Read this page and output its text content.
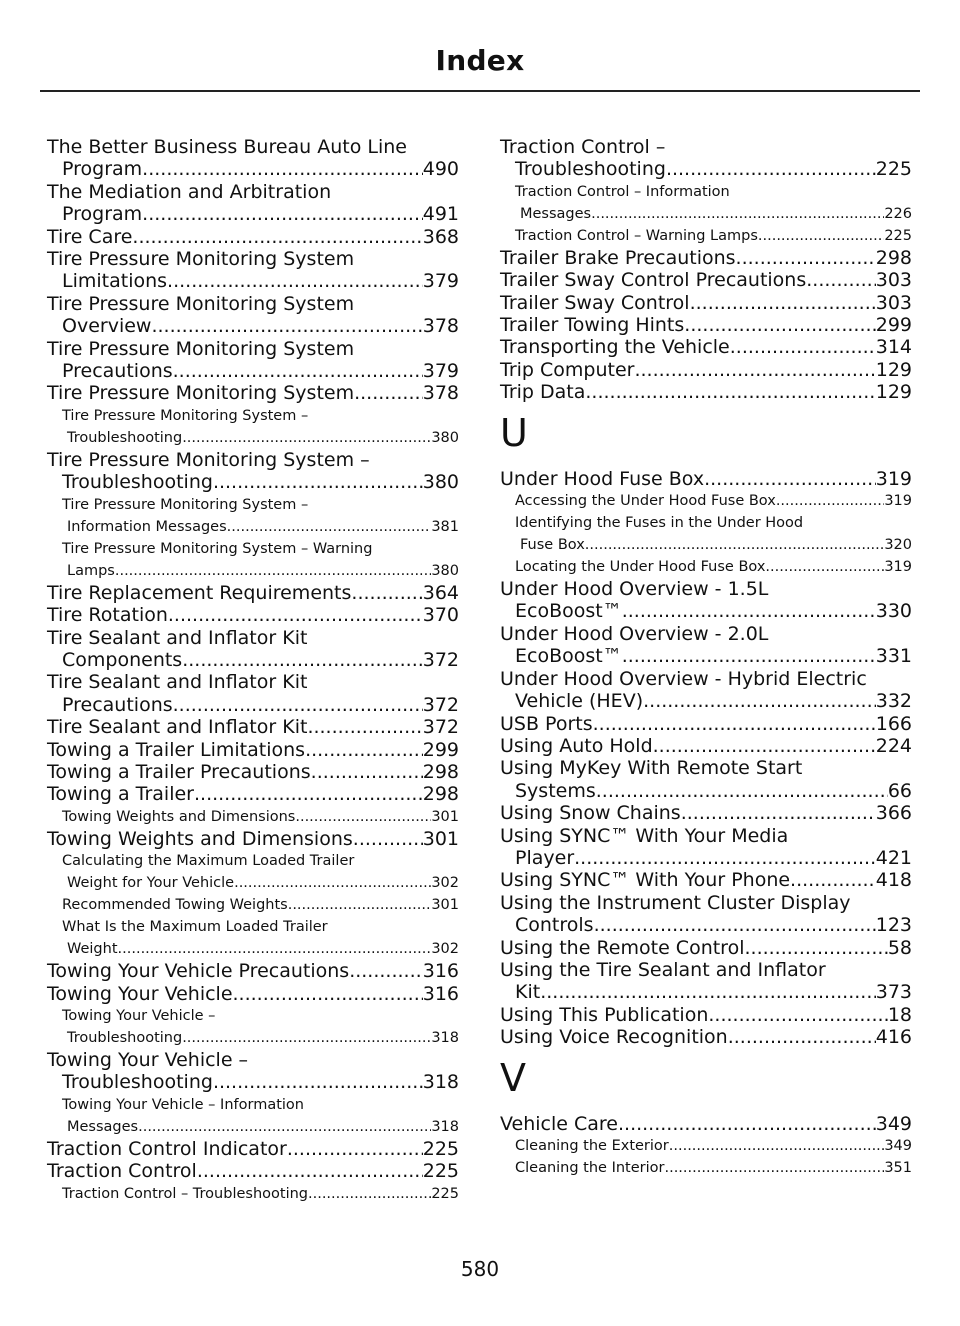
Index
The Better Business Bureau Auto Line
Program .....	490
The Mediation and Arbitration
Program .....	491
Tire Care .....	368
Tire Pressure Monitoring System
Limitations .....	379
Tire Pressure Monitoring System
Overview .....	378
Tire Pressure Monitoring System
Precautions .....	379
Tire Pressure Monitoring System .....	378
Tire Pressure Monitoring System –
Troubleshooting .....	380
Tire Pressure Monitoring System –
Troubleshooting .....	380
Tire Pressure Monitoring System –
Information Messages .....	381
Tire Pressure Monitoring System – Warning
Lamps .....	380
Tire Replacement Requirements .....	364
Tire Rotation .....	370
Tire Sealant and Inflator Kit
Components .....	372
Tire Sealant and Inflator Kit
Precautions .....	372
Tire Sealant and Inflator Kit .....	372
Towing a Trailer Limitations .....	299
Towing a Trailer Precautions .....	298
Towing a Trailer .....	298
Towing Weights and Dimensions .....	301
Towing Weights and Dimensions .....	301
Calculating the Maximum Loaded Trailer
Weight for Your Vehicle .....	302
Recommended Towing Weights .....	301
What Is the Maximum Loaded Trailer
Weight .....	302
Towing Your Vehicle Precautions .....	316
Towing Your Vehicle .....	316
Towing Your Vehicle –
Troubleshooting .....	318
Towing Your Vehicle –
Troubleshooting .....	318
Towing Your Vehicle – Information
Messages .....	318
Traction Control Indicator .....	225
Traction Control .....	225
Traction Control – Troubleshooting .....	225
Traction Control –
Troubleshooting .....	225
Traction Control – Information
Messages .....	226
Traction Control – Warning Lamps .....	225
Trailer Brake Precautions .....	298
Trailer Sway Control Precautions .....	303
Trailer Sway Control .....	303
Trailer Towing Hints .....	299
Transporting the Vehicle .....	314
Trip Computer .....	129
Trip Data .....	129
U
Under Hood Fuse Box .....	319
Accessing the Under Hood Fuse Box .....	319
Identifying the Fuses in the Under Hood
Fuse Box .....	320
Locating the Under Hood Fuse Box .....	319
Under Hood Overview - 1.5L
EcoBoost™ .....	330
Under Hood Overview - 2.0L
EcoBoost™ .....	331
Under Hood Overview - Hybrid Electric
Vehicle (HEV) .....	332
USB Ports .....	166
Using Auto Hold .....	224
Using MyKey With Remote Start
Systems .....	66
Using Snow Chains .....	366
Using SYNC™ With Your Media
Player .....	421
Using SYNC™ With Your Phone .....	418
Using the Instrument Cluster Display
Controls .....	123
Using the Remote Control .....	58
Using the Tire Sealant and Inflator
Kit .....	373
Using This Publication .....	18
Using Voice Recognition .....	416
V
Vehicle Care .....	349
Cleaning the Exterior .....	349
Cleaning the Interior .....	351
580
